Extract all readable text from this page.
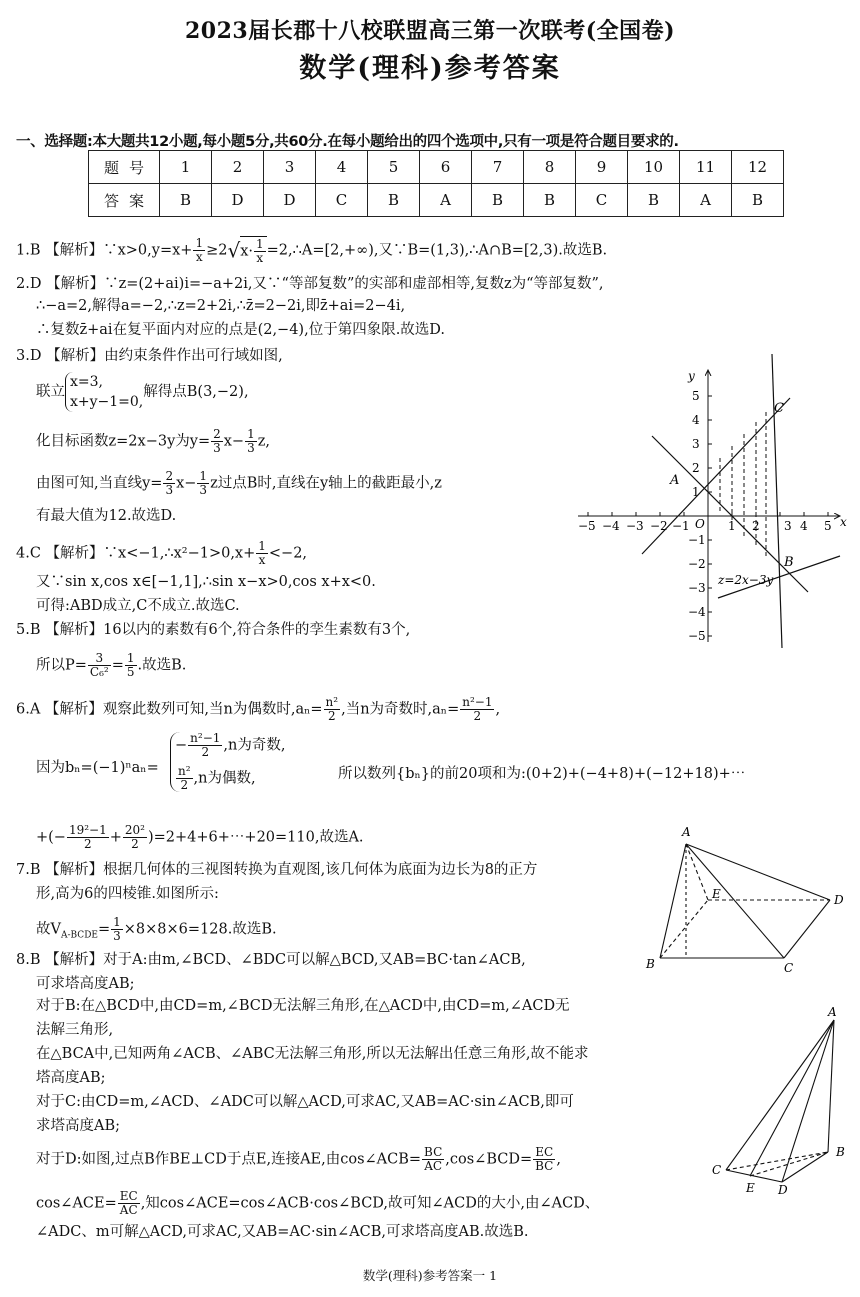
2023届长郡十八校联盟高三第一次联考(全国卷)
数学(理科)参考答案
一、选择题:本大题共12小题,每小题5分,共60分.在每小题给出的四个选项中,只有一项是符合题目要求的.
题号	1	2	3	4	5	6	7	8	9	10	11	12
答案	B	D	D	C	B	A	B	B	C	B	A	B
1.B 【解析】∵x>0,y=x+ $\frac{1}{x} \ge 2√x\cdot \frac{1}{x}$ =2,∴A=[2,+∞),又∵B=(1,3),∴A∩B=[2,3).故选B.
2.D 【解析】∵z=(2+ai)i=−a+2i,又∵“等部复数”的实部和虚部相等,复数z为“等部复数”,
∴−a=2,解得a=−2,∴z=2+2i,∴z̄=2−2i,即z̄+ai=2−4i,
∴复数z̄+ai在复平面内对应的点是(2,−4),位于第四象限.故选D.
3.D 【解析】由约束条件作出可行域如图,
联立
x=3,
x+y−1=0,
解得点B(3,−2),
化目标函数z=2x−3y为$y= \frac{2}{3} x- \frac{1}{3} z$,
由图可知,当直线$y= \frac{2}{3} x- \frac{1}{3}$ z过点B时,直线在y轴上的截距最小,z
有最大值为12.故选D.
−5 −4 −3 −2 −1 O 1 2 3 4 5 x
y
5
4
3
2
1
−1
−2
−3
−4
−5
A
B
C
z=2x−3y
4.C 【解析】∵x<−1,∴x²−1>0,x+ $\frac{1}{x} <-2$,
又∵sin x,cos x∈[−1,1],∴sin x−x>0,cos x+x<0.
可得:ABD成立,C不成立.故选C.
5.B 【解析】16以内的素数有6个,符合条件的孪生素数有3个,
所以$P= \frac{3}{\text{C₆²}} = \frac{1}{5}$ .故选B.
6.A 【解析】观察此数列可知,当n为偶数时$,a_n= \frac{\text{n²}}{2}$ ,当n为奇数时$,a_n= \frac{\text{n²−1}}{2}$ ,
因为bₙ=(−1)ⁿaₙ=
− $\frac{\text{n²−1}}{2} ,n$为奇数,
$\frac{\text{n²}}{2} ,n$为偶数,	所以数列{bₙ}的前20项和为:(0+2)+(−4+8)+(−12+18)+⋯
+(− $\frac{\text{19²−1}}{2} + \frac{\text{20²}}{2}$ )=2+4+6+⋯+20=110,故选A.
7.B 【解析】根据几何体的三视图转换为直观图,该几何体为底面为边长为8的正方
形,高为6的四棱锥.如图所示:
故$V_{A-BCDE}= \frac{1}{3} \times 8\times 8\times 6=128$.故选B.
A
E	D
B	C
8.B 【解析】对于A:由m,∠BCD、∠BDC可以解△BCD,又AB=BC·tan∠ACB,
可求塔高度AB;
对于B:在△BCD中,由CD=m,∠BCD无法解三角形,在△ACD中,由CD=m,∠ACD无
法解三角形,
在△BCA中,已知两角∠ACB、∠ABC无法解三角形,所以无法解出任意三角形,故不能求
塔高度AB;
对于C:由CD=m,∠ACD、∠ADC可以解△ACD,可求AC,又AB=AC·sin∠ACB,即可
求塔高度AB;
对于D:如图,过点B作BE⊥CD于点E,连接AE,由cos∠ACB= $\frac{BC}{AC}$ ,cos∠BCD= $\frac{EC}{BC}$ ,
cos∠ACE= $\frac{EC}{AC}$ ,知cos∠ACE=cos∠ACB·cos∠BCD,故可知∠ACD的大小,由∠ACD、
∠ADC、m可解△ACD,可求AC,又AB=AC·sin∠ACB,可求塔高度AB.故选B.
A
B
C
E D
数学(理科)参考答案一 1
